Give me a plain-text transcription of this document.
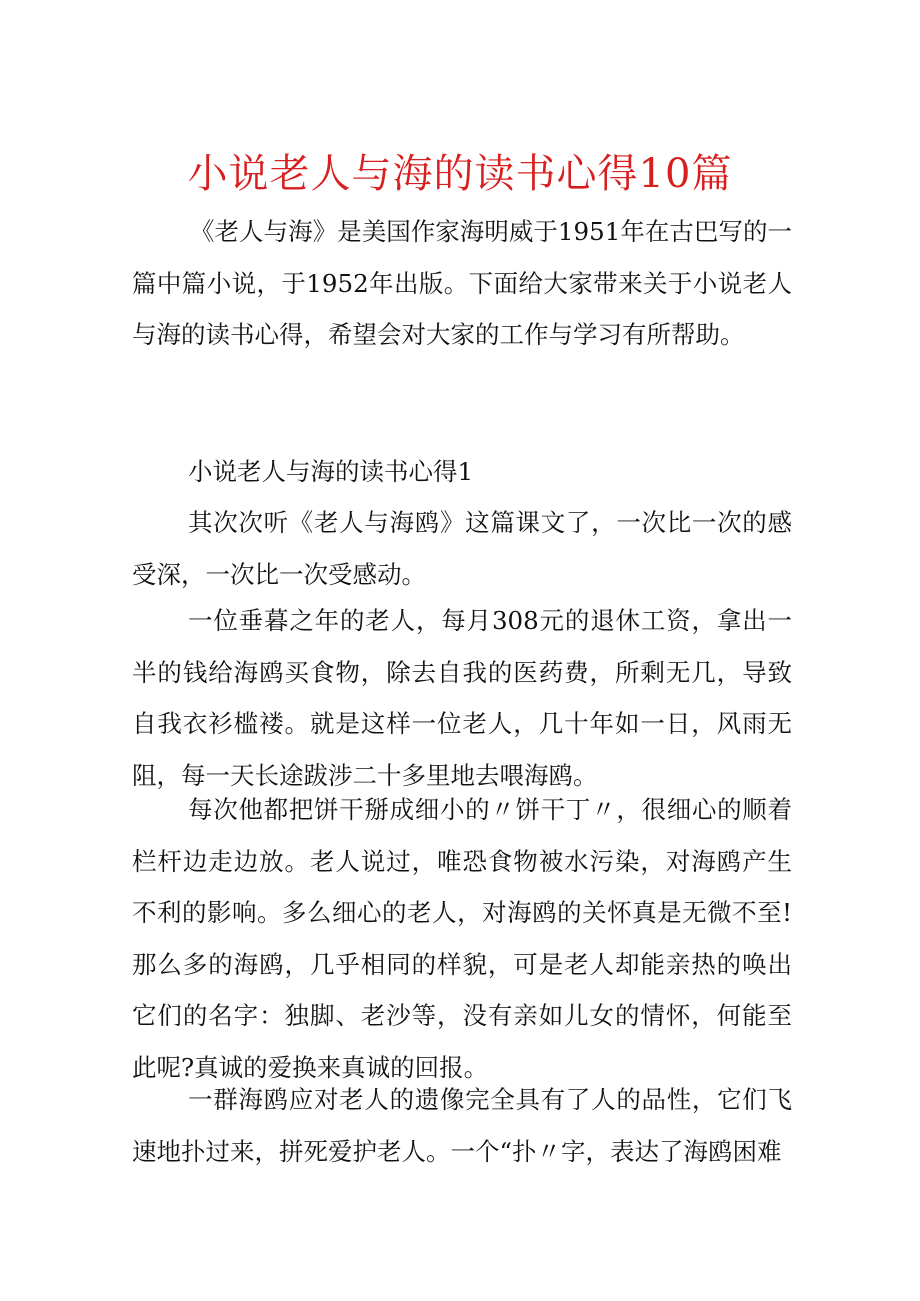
小说老人与海的读书心得10篇

《老人与海》是美国作家海明威于1951年在古巴写的一篇中篇小说，于1952年出版。下面给大家带来关于小说老人与海的读书心得，希望会对大家的工作与学习有所帮助。

小说老人与海的读书心得1

其次次听《老人与海鸥》这篇课文了，一次比一次的感受深，一次比一次受感动。

一位垂暮之年的老人，每月308元的退休工资，拿出一半的钱给海鸥买食物，除去自我的医药费，所剩无几，导致自我衣衫槛褛。就是这样一位老人，几十年如一日，风雨无阻，每一天长途跋涉二十多里地去喂海鸥。

每次他都把饼干掰成细小的〃饼干丁〃，很细心的顺着栏杆边走边放。老人说过，唯恐食物被水污染，对海鸥产生不利的影响。多么细心的老人，对海鸥的关怀真是无微不至!那么多的海鸥，几乎相同的样貌，可是老人却能亲热的唤出它们的名字：独脚、老沙等，没有亲如儿女的情怀，何能至此呢?真诚的爱换来真诚的回报。

一群海鸥应对老人的遗像完全具有了人的品性，它们飞速地扑过来，拼死爱护老人。一个“扑〃字，表达了海鸥困难
